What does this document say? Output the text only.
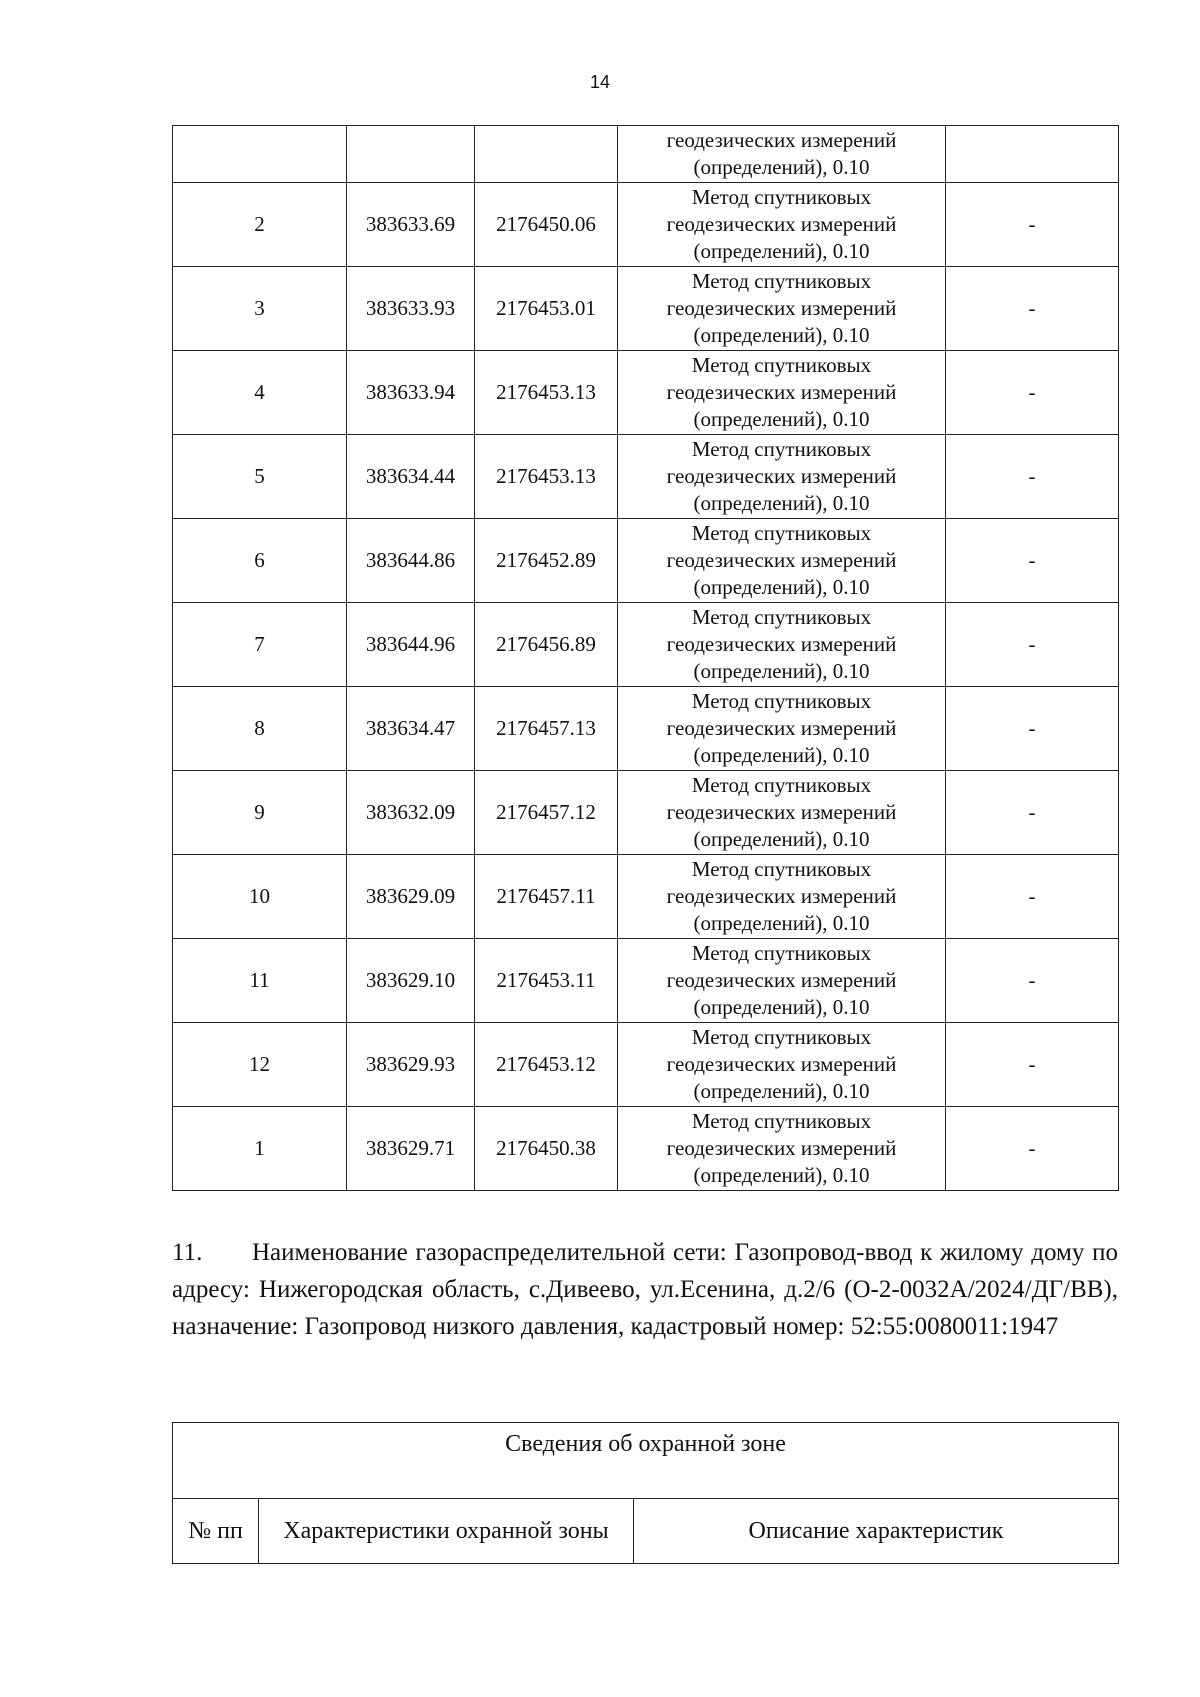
14

			геодезических измерений
(определений), 0.10	

2	383633.69	2176450.06	Метод спутниковых
геодезических измерений
(определений), 0.10	-
3	383633.93	2176453.01	Метод спутниковых
геодезических измерений
(определений), 0.10	-
4	383633.94	2176453.13	Метод спутниковых
геодезических измерений
(определений), 0.10	-
5	383634.44	2176453.13	Метод спутниковых
геодезических измерений
(определений), 0.10	-
6	383644.86	2176452.89	Метод спутниковых
геодезических измерений
(определений), 0.10	-
7	383644.96	2176456.89	Метод спутниковых
геодезических измерений
(определений), 0.10	-
8	383634.47	2176457.13	Метод спутниковых
геодезических измерений
(определений), 0.10	-
9	383632.09	2176457.12	Метод спутниковых
геодезических измерений
(определений), 0.10	-
10	383629.09	2176457.11	Метод спутниковых
геодезических измерений
(определений), 0.10	-
11	383629.10	2176453.11	Метод спутниковых
геодезических измерений
(определений), 0.10	-
12	383629.93	2176453.12	Метод спутниковых
геодезических измерений
(определений), 0.10	-
1	383629.71	2176450.38	Метод спутниковых
геодезических измерений
(определений), 0.10	-
11. Наименование газораспределительной сети: Газопровод-ввод к жилому дому по адресу: Нижегородская область, с.Дивеево, ул.Есенина, д.2/6 (О-2-0032А/2024/ДГ/ВВ), назначение: Газопровод низкого давления, кадастровый номер: 52:55:0080011:1947
Сведения об охранной зоне
№ пп	Характеристики охранной зоны	Описание характеристик
